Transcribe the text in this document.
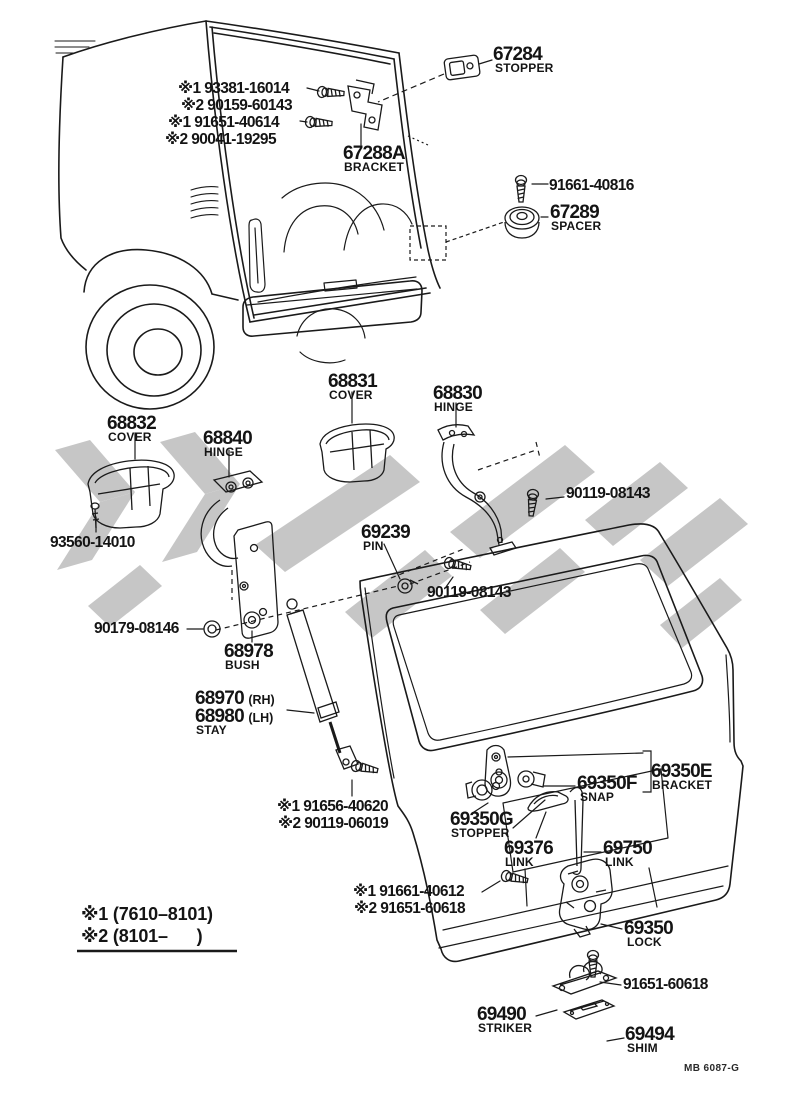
67284
STOPPER
※1 93381-16014
※2 90159-60143
※1 91651-40614
※2 90041-19295
67288A
BRACKET
91661-40816
67289
SPACER
68831
COVER	68830
HINGE
68832
COVER	68840
HINGE
90119-08143
93560-14010	69239
PIN
90119-08143
90179-08146
68978
BUSH
68970 (RH)
68980 (LH)
STAY
69350E
BRACKET
69350F
SNAP
※1 91656-40620
※2 90119-06019	69350G
STOPPER
69376
LINK
69750
LINK
※1 91661-40612
※2 91651-60618
※1 (7610–8101)
※2 (8101–      )	69350
LOCK
91651-60618
69490
STRIKER	69494
SHIM
MB 6087-G
